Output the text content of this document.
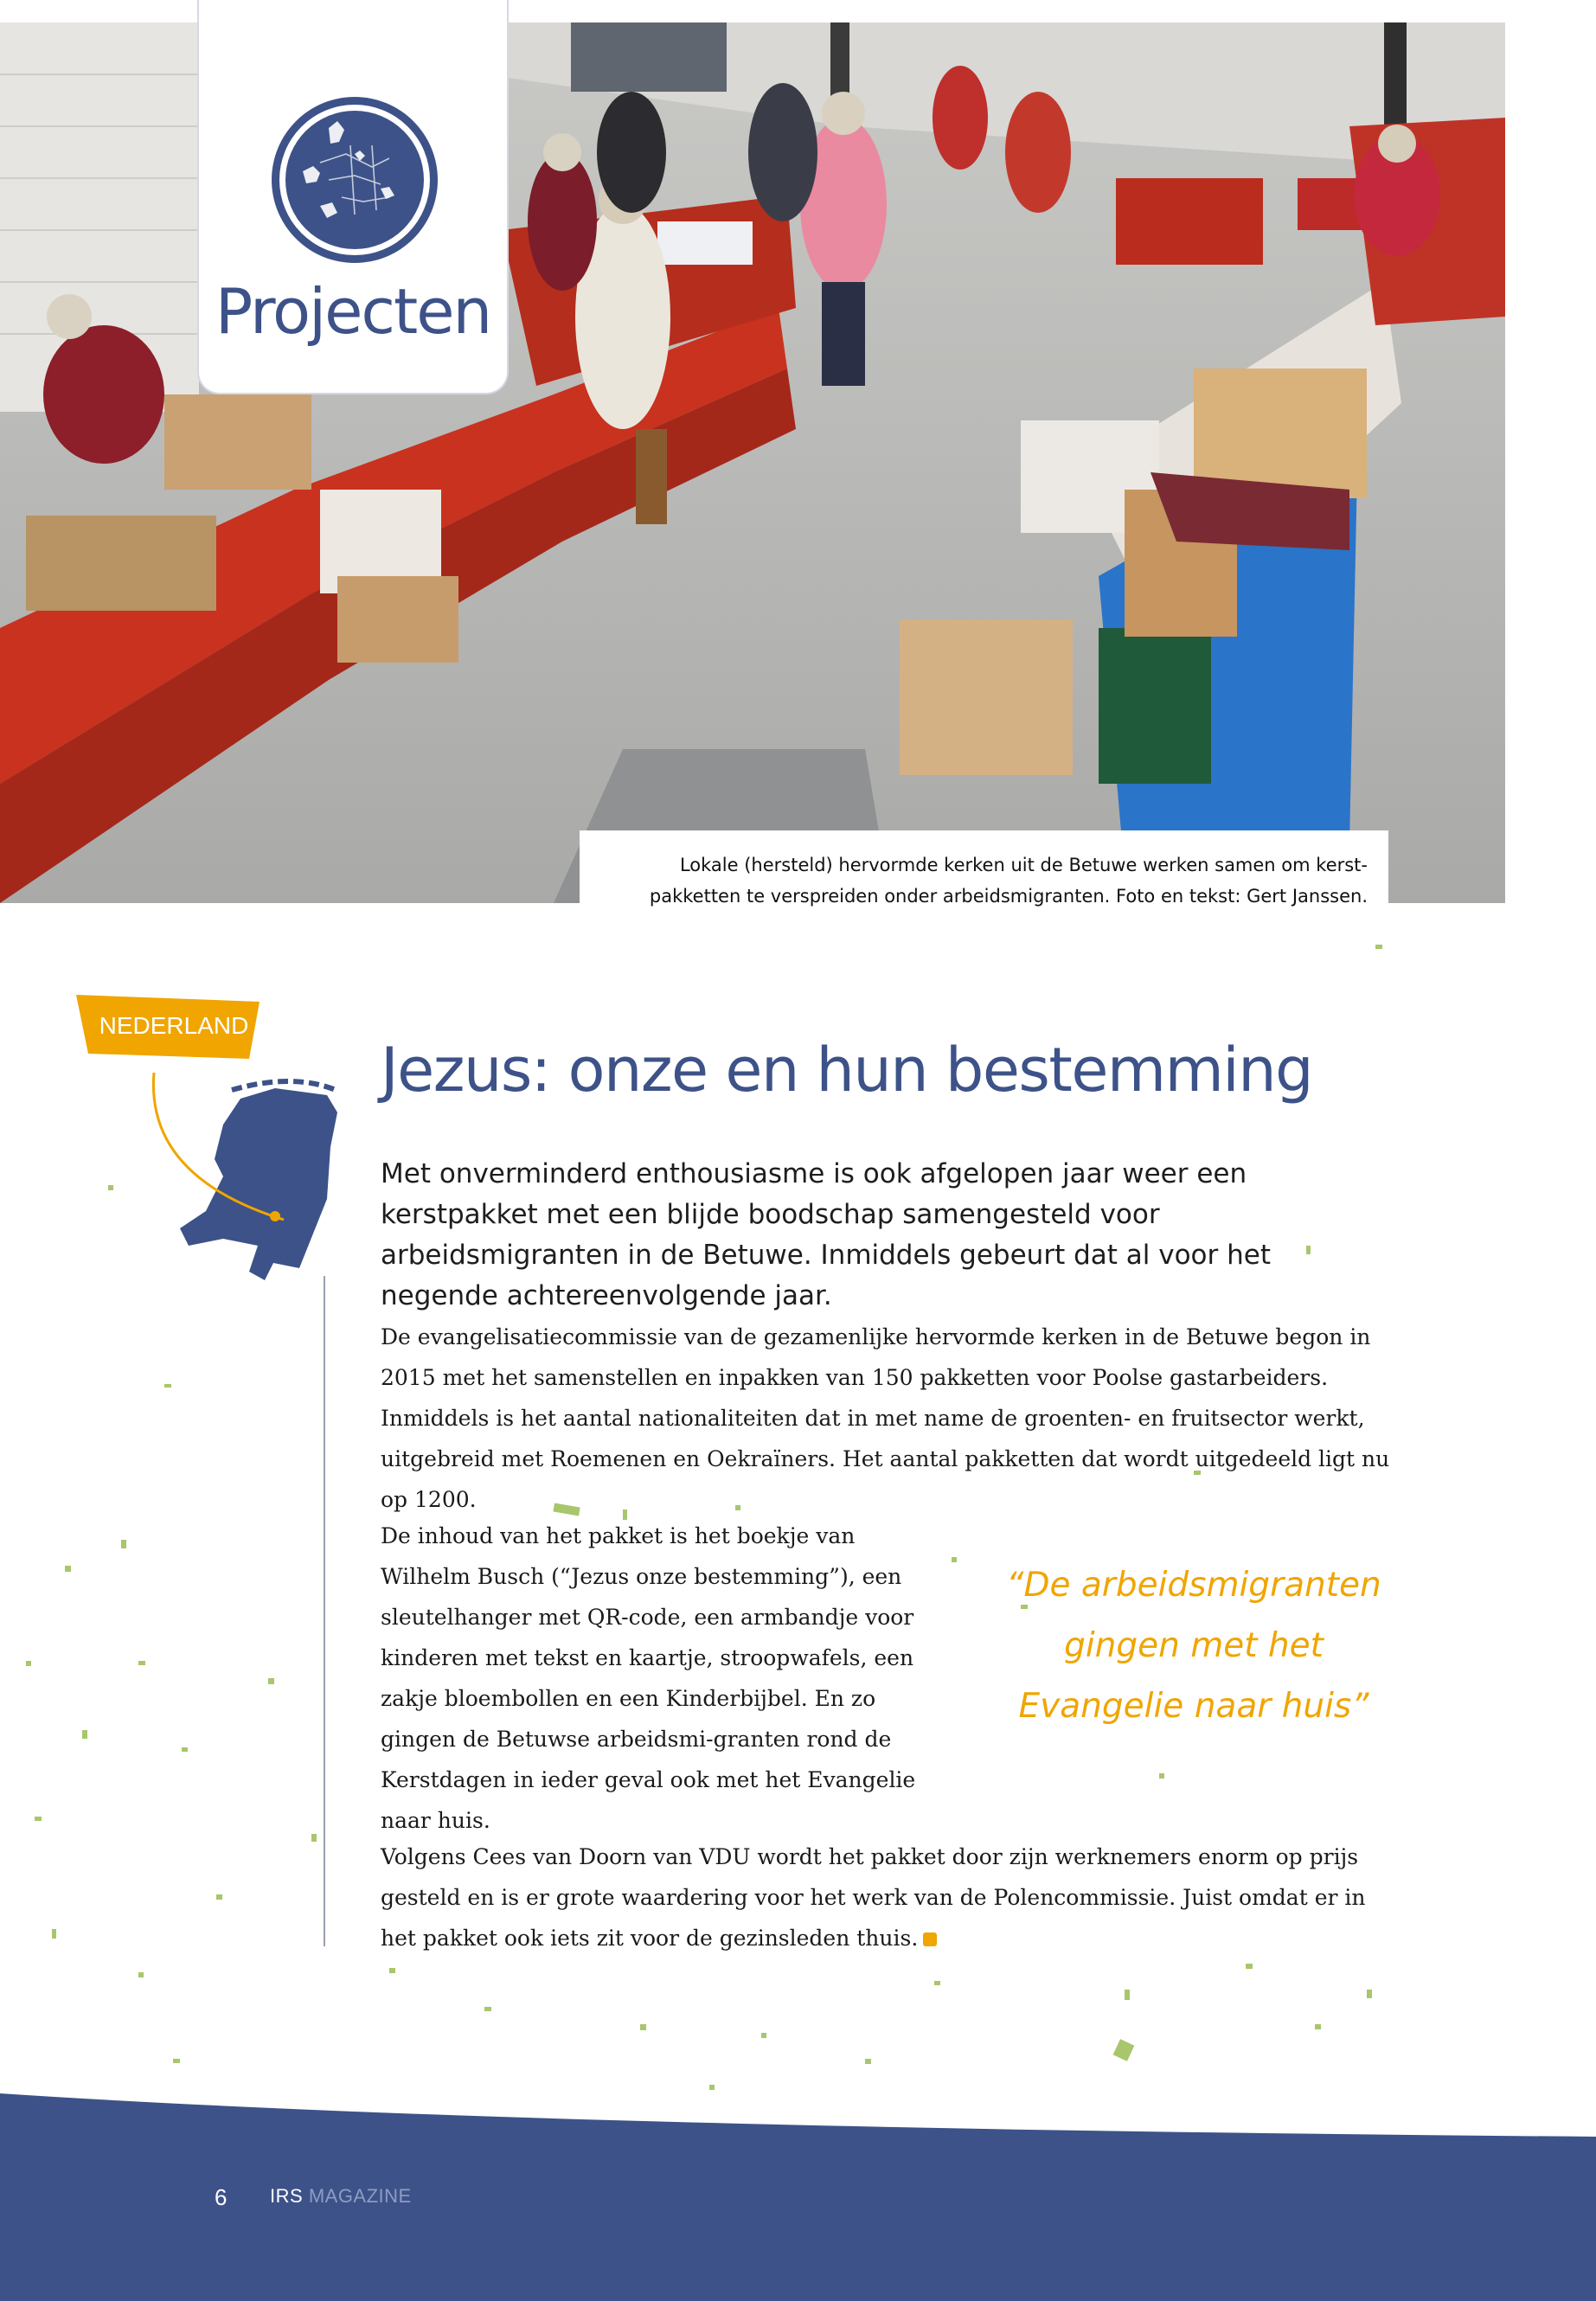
Projecten
Lokale (hersteld) hervormde kerken uit de Betuwe werken samen om kerst-pakketten te verspreiden onder arbeidsmigranten. Foto en tekst: Gert Janssen.
NEDERLAND
Jezus: onze en hun bestemming
Met onverminderd enthousiasme is ook afgelopen jaar weer een kerstpakket met een blijde boodschap samengesteld voor arbeidsmigranten in de Betuwe. Inmiddels gebeurt dat al voor het negende achtereenvolgende jaar.
De evangelisatiecommissie van de gezamenlijke hervormde kerken in de Betuwe begon in 2015 met het samenstellen en inpakken van 150 pakketten voor Poolse gastarbeiders. Inmiddels is het aantal nationaliteiten dat in met name de groenten- en fruitsector werkt, uitgebreid met Roemenen en Oekraïners. Het aantal pakketten dat wordt uitgedeeld ligt nu op 1200.
De inhoud van het pakket is het boekje van Wilhelm Busch (“Jezus onze bestemming”), een sleutelhanger met QR-code, een armbandje voor kinderen met tekst en kaartje, stroopwafels, een zakje bloembollen en een Kinderbijbel. En zo gingen de Betuwse arbeidsmi-granten rond de Kerstdagen in ieder geval ook met het Evangelie naar huis.
“De arbeidsmigranten gingen met het Evangelie naar huis”
Volgens Cees van Doorn van VDU wordt het pakket door zijn werknemers enorm op prijs gesteld en is er grote waardering voor het werk van de Polencommissie. Juist omdat er in het pakket ook iets zit voor de gezinsleden thuis.
6 IRS MAGAZINE
